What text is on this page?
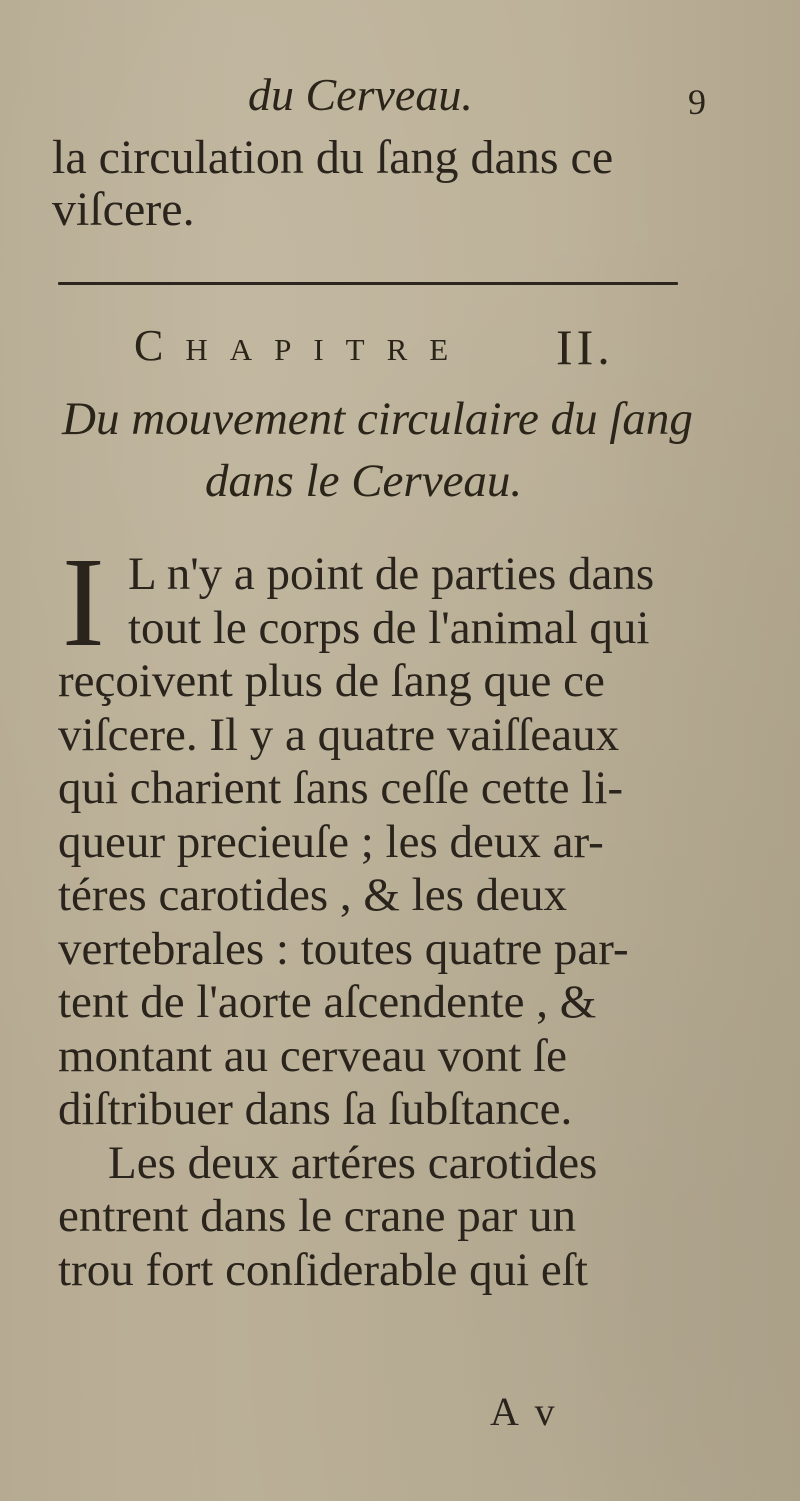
du Cerveau.	9
la circulation du ſang dans ce
viſcere.
Chapitre II.
Du mouvement circulaire du ſang
dans le Cerveau.
I L n'y a point de parties dans
tout le corps de l'animal qui
reçoivent plus de ſang que ce
viſcere. Il y a quatre vaiſſeaux
qui charient ſans ceſſe cette li-
queur precieuſe ; les deux ar-
téres carotides , & les deux
vertebrales : toutes quatre par-
tent de l'aorte aſcendente , &
montant au cerveau vont ſe
diſtribuer dans ſa ſubſtance.
Les deux artéres carotides
entrent dans le crane par un
trou fort conſiderable qui eſt
A v
